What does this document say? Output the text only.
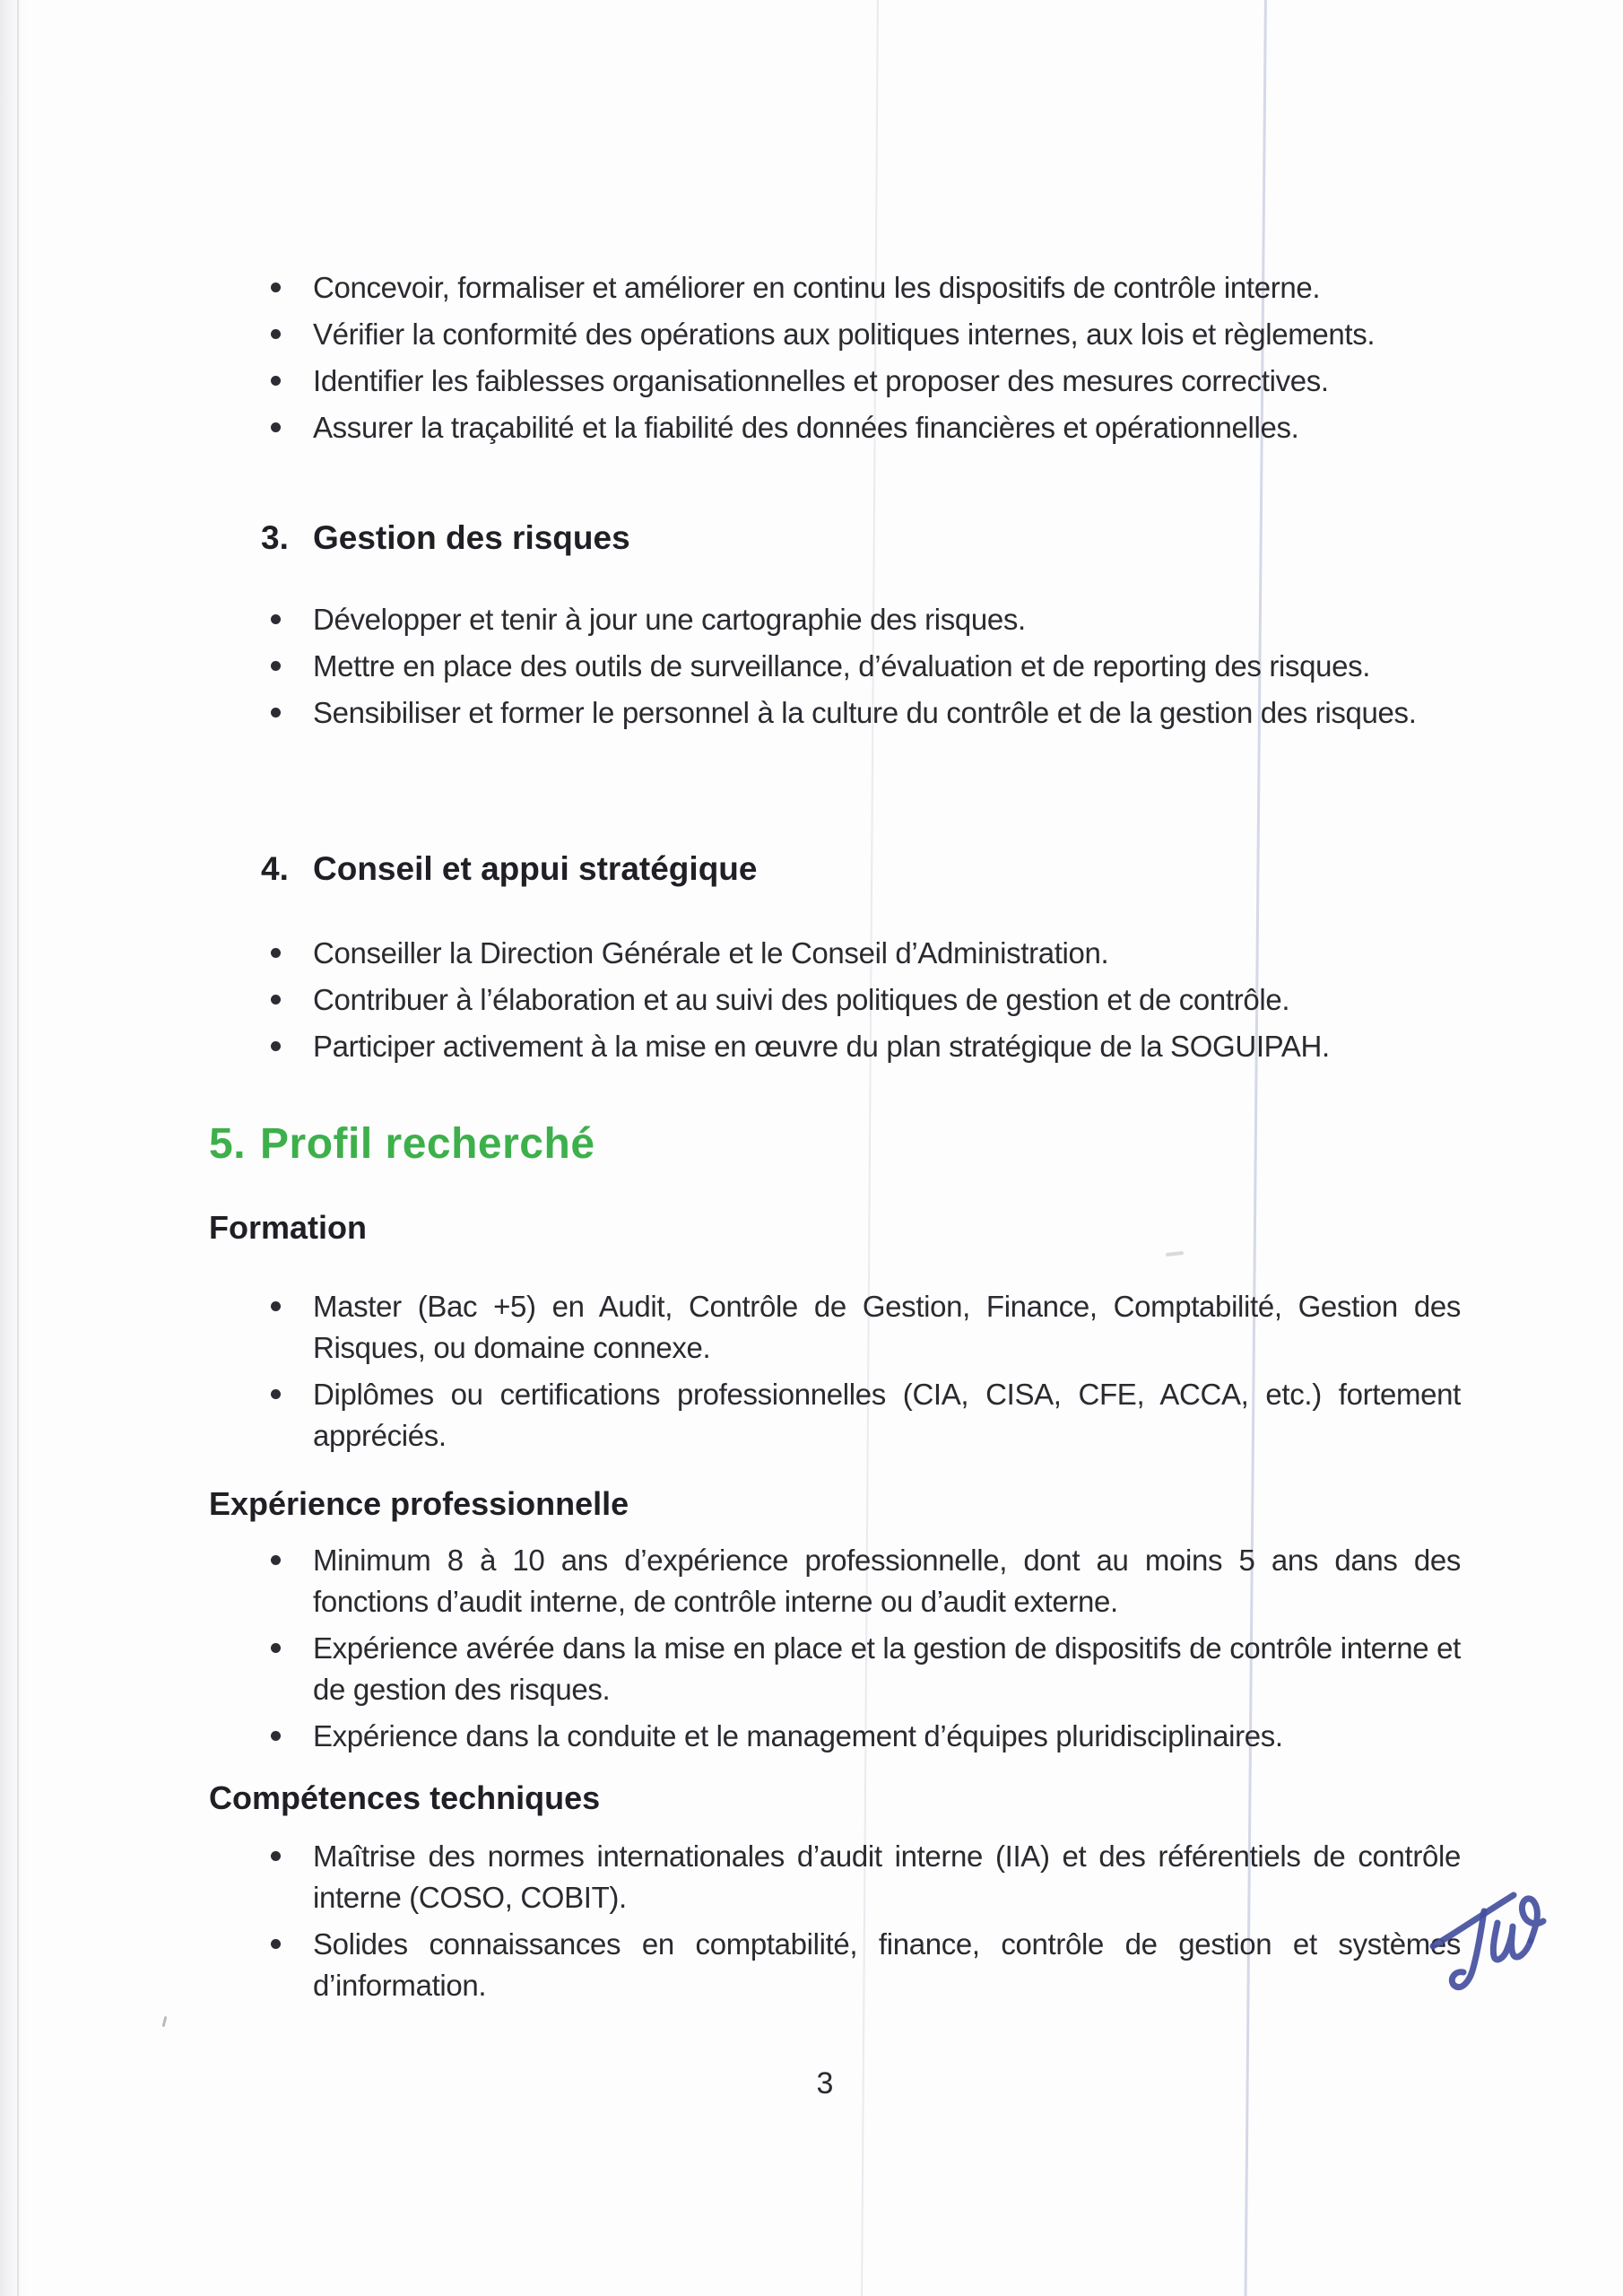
Concevoir, formaliser et améliorer en continu les dispositifs de contrôle interne.
Vérifier la conformité des opérations aux politiques internes, aux lois et règlements.
Identifier les faiblesses organisationnelles et proposer des mesures correctives.
Assurer la traçabilité et la fiabilité des données financières et opérationnelles.
3. Gestion des risques
Développer et tenir à jour une cartographie des risques.
Mettre en place des outils de surveillance, d’évaluation et de reporting des risques.
Sensibiliser et former le personnel à la culture du contrôle et de la gestion des risques.
4. Conseil et appui stratégique
Conseiller la Direction Générale et le Conseil d’Administration.
Contribuer à l’élaboration et au suivi des politiques de gestion et de contrôle.
Participer activement à la mise en œuvre du plan stratégique de la SOGUIPAH.
5. Profil recherché
Formation
Master (Bac +5) en Audit, Contrôle de Gestion, Finance, Comptabilité, Gestion des Risques, ou domaine connexe.
Diplômes ou certifications professionnelles (CIA, CISA, CFE, ACCA, etc.) fortement appréciés.
Expérience professionnelle
Minimum 8 à 10 ans d’expérience professionnelle, dont au moins 5 ans dans des fonctions d’audit interne, de contrôle interne ou d’audit externe.
Expérience avérée dans la mise en place et la gestion de dispositifs de contrôle interne et de gestion des risques.
Expérience dans la conduite et le management d’équipes pluridisciplinaires.
Compétences techniques
Maîtrise des normes internationales d’audit interne (IIA) et des référentiels de contrôle interne (COSO, COBIT).
Solides connaissances en comptabilité, finance, contrôle de gestion et systèmes d’information.
3
